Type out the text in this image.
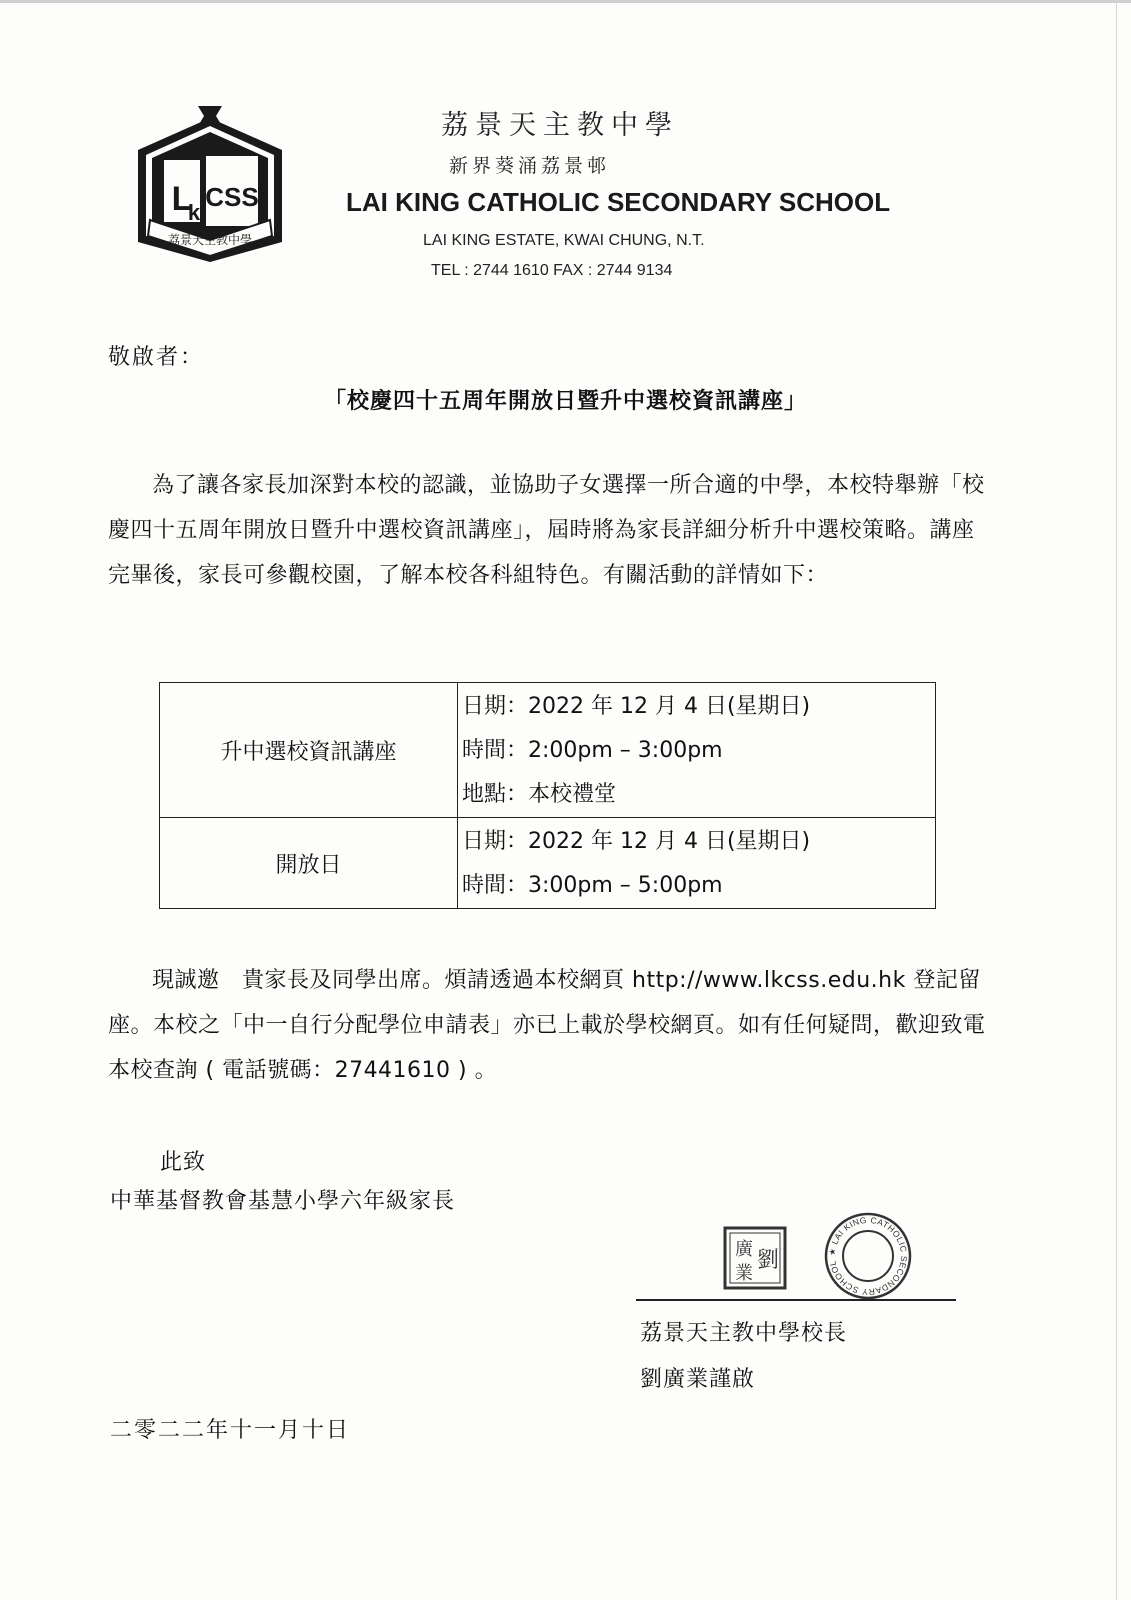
L
k
CSS
荔景天主教中學
荔景天主教中學
新界葵涌荔景邨
LAI KING CATHOLIC SECONDARY SCHOOL
LAI KING ESTATE, KWAI CHUNG, N.T.
TEL : 2744 1610 FAX : 2744 9134
敬啟者：
「校慶四十五周年開放日暨升中選校資訊講座」

為了讓各家長加深對本校的認識，並協助子女選擇一所合適的中學，本校特舉辦「校慶四十五周年開放日暨升中選校資訊講座」，屆時將為家長詳細分析升中選校策略。講座完畢後，家長可參觀校園，了解本校各科組特色。有關活動的詳情如下：

升中選校資訊講座	日期：2022 年 12 月 4 日(星期日)
時間：2:00pm – 3:00pm
地點：本校禮堂

開放日	日期：2022 年 12 月 4 日(星期日)
時間：3:00pm – 5:00pm

現誠邀　貴家長及同學出席。煩請透過本校網頁 http://www.lkcss.edu.hk 登記留座。本校之「中一自行分配學位申請表」亦已上載於學校網頁。如有任何疑問，歡迎致電本校查詢 ( 電話號碼：27441610 ) 。

此致
中華基督教會基慧小學六年級家長
廣
業
劉	★ LAI KING CATHOLIC SECONDARY SCHOOL
荔景天主教中學校長
劉廣業謹啟
二零二二年十一月十日
